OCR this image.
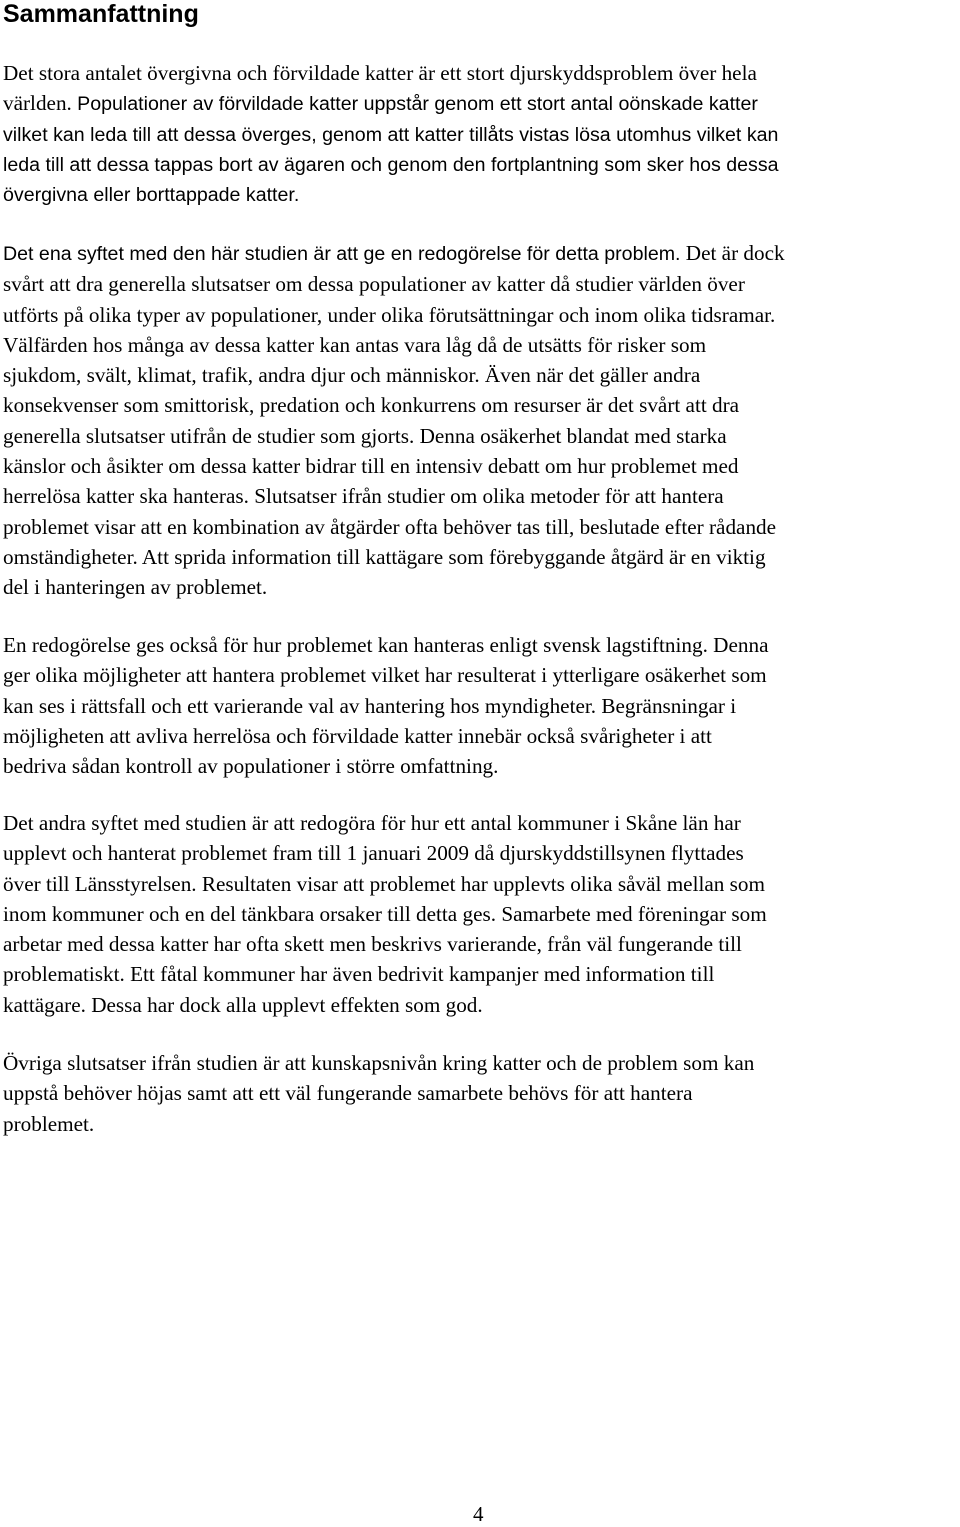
Sammanfattning

Det stora antalet övergivna och förvildade katter är ett stort djurskyddsproblem över hela
världen. Populationer av förvildade katter uppstår genom ett stort antal oönskade katter
vilket kan leda till att dessa överges, genom att katter tillåts vistas lösa utomhus vilket kan
leda till att dessa tappas bort av ägaren och genom den fortplantning som sker hos dessa
övergivna eller borttappade katter.

Det ena syftet med den här studien är att ge en redogörelse för detta problem. Det är dock
svårt att dra generella slutsatser om dessa populationer av katter då studier världen över
utförts på olika typer av populationer, under olika förutsättningar och inom olika tidsramar.
Välfärden hos många av dessa katter kan antas vara låg då de utsätts för risker som
sjukdom, svält, klimat, trafik, andra djur och människor. Även när det gäller andra
konsekvenser som smittorisk, predation och konkurrens om resurser är det svårt att dra
generella slutsatser utifrån de studier som gjorts. Denna osäkerhet blandat med starka
känslor och åsikter om dessa katter bidrar till en intensiv debatt om hur problemet med
herrelösa katter ska hanteras. Slutsatser ifrån studier om olika metoder för att hantera
problemet visar att en kombination av åtgärder ofta behöver tas till, beslutade efter rådande
omständigheter. Att sprida information till kattägare som förebyggande åtgärd är en viktig
del i hanteringen av problemet.

En redogörelse ges också för hur problemet kan hanteras enligt svensk lagstiftning. Denna
ger olika möjligheter att hantera problemet vilket har resulterat i ytterligare osäkerhet som
kan ses i rättsfall och ett varierande val av hantering hos myndigheter. Begränsningar i
möjligheten att avliva herrelösa och förvildade katter innebär också svårigheter i att
bedriva sådan kontroll av populationer i större omfattning.

Det andra syftet med studien är att redogöra för hur ett antal kommuner i Skåne län har
upplevt och hanterat problemet fram till 1 januari 2009 då djurskyddstillsynen flyttades
över till Länsstyrelsen. Resultaten visar att problemet har upplevts olika såväl mellan som
inom kommuner och en del tänkbara orsaker till detta ges. Samarbete med föreningar som
arbetar med dessa katter har ofta skett men beskrivs varierande, från väl fungerande till
problematiskt. Ett fåtal kommuner har även bedrivit kampanjer med information till
kattägare. Dessa har dock alla upplevt effekten som god.

Övriga slutsatser ifrån studien är att kunskapsnivån kring katter och de problem som kan
uppstå behöver höjas samt att ett väl fungerande samarbete behövs för att hantera
problemet.

4
